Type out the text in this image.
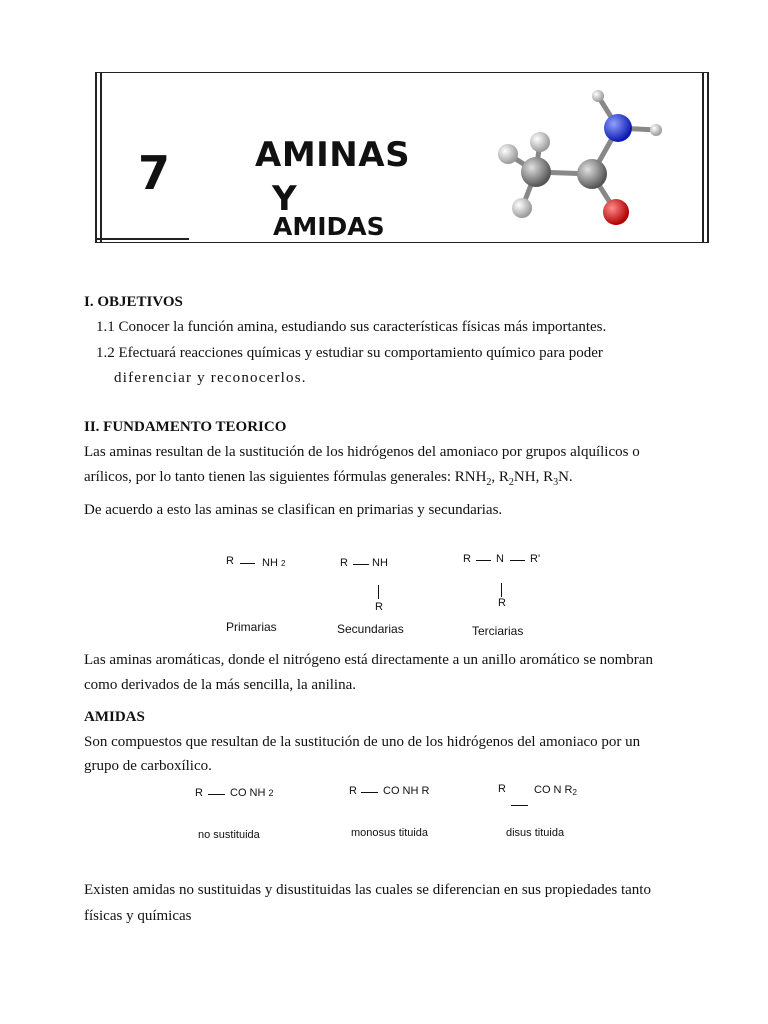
7 AMINAS
Y
AMIDAS
I. OBJETIVOS
1.1 Conocer la función amina, estudiando sus características físicas más importantes.
1.2 Efectuará reacciones químicas y estudiar su comportamiento químico para poder
diferenciar y reconocerlos.
II. FUNDAMENTO TEORICO
Las aminas resultan de la sustitución de los hidrógenos del amoniaco por grupos alquílicos o
arílicos, por lo tanto tienen las siguientes fórmulas generales: $RNH_2$, $R_2NH$, $R_3N$.
De acuerdo a esto las aminas se clasifican en primarias y secundarias.
R	NH 2	R NH
R
R N R'
R
Primarias	Secundarias	Terciarias
Las aminas aromáticas, donde el nitrógeno está directamente a un anillo aromático se nombran
como derivados de la más sencilla, la anilina.
AMIDAS
Son compuestos que resultan de la sustitución de uno de los hidrógenos del amoniaco por un
grupo de carboxílico.
R CO NH 2	R CO NH R	R	CO N R2
no sustituida	monosus tituida	disus tituida
Existen amidas no sustituidas y disustituidas las cuales se diferencian en sus propiedades tanto
físicas y químicas
